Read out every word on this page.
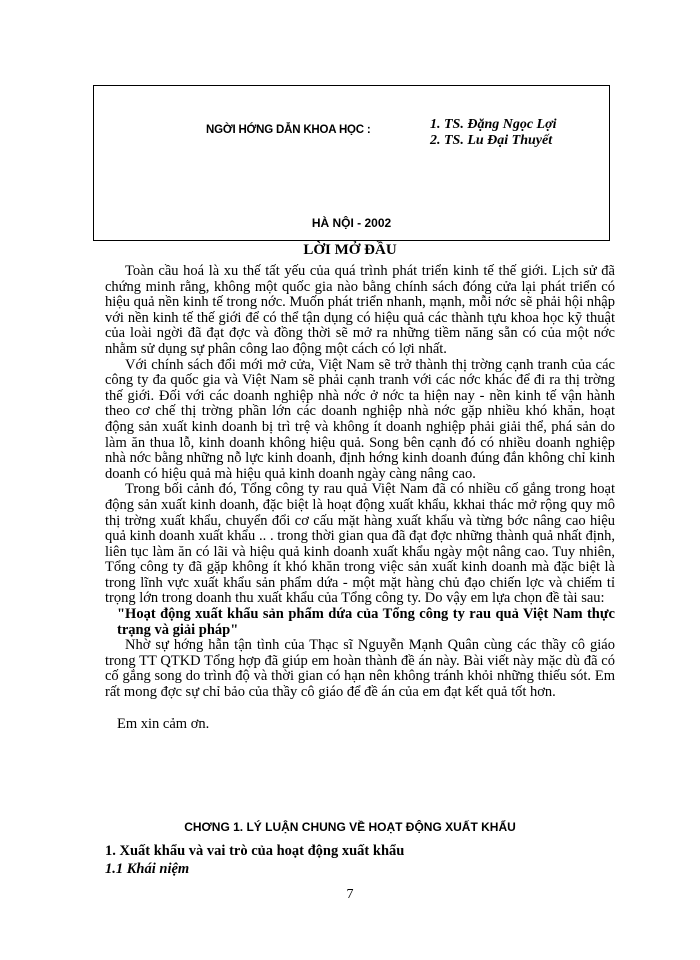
NGỜI HỚNG DẪN KHOA HỌC :	1. TS. Đặng Ngọc Lợi
2. TS. Lu Đại Thuyết
HÀ NỘI - 2002
LỜI MỞ ĐẦU

Toàn cầu hoá là xu thế tất yếu của quá trình phát triển kinh tế thế giới. Lịch sử đã chứng minh rằng, không một quốc gia nào bằng chính sách đóng cửa lại phát triển có hiệu quả nền kinh tế trong nớc. Muốn phát triển nhanh, mạnh, mỗi nớc sẽ phải hội nhập với nền kinh tế thế giới để có thể tận dụng có hiệu quả các thành tựu khoa học kỹ thuật của loài ngời đã đạt đợc và đồng thời sẽ mở ra những tiềm năng sẵn có của một nớc nhằm sử dụng sự phân công lao động một cách có lợi nhất.

Với chính sách đổi mới mở cửa, Việt Nam sẽ trở thành thị trờng cạnh tranh của các công ty đa quốc gia và Việt Nam sẽ phải cạnh tranh với các nớc khác để đi ra thị trờng thế giới. Đối với các doanh nghiệp nhà nớc ở nớc ta hiện nay - nền kinh tế vận hành theo cơ chế thị trờng phần lớn các doanh nghiệp nhà nớc gặp nhiều khó khăn, hoạt động sản xuất kinh doanh bị trì trệ và không ít doanh nghiệp phải giải thể, phá sản do làm ăn thua lỗ, kinh doanh không hiệu quả. Song bên cạnh đó có nhiều doanh nghiệp nhà nớc bằng những nỗ lực kinh doanh, định hớng kinh doanh đúng đắn không chỉ kinh doanh có hiệu quả mà hiệu quả kinh doanh ngày càng nâng cao.

Trong bối cảnh đó, Tổng công ty rau quả Việt Nam đã có nhiều cố gắng trong hoạt động sản xuất kinh doanh, đặc biệt là hoạt động xuất khẩu, kkhai thác mở rộng quy mô thị trờng xuất khẩu, chuyển đổi cơ cấu mặt hàng xuất khẩu và từng bớc nâng cao hiệu quả kinh doanh xuất khẩu .. . trong thời gian qua đã đạt đợc những thành quả nhất định, liên tục làm ăn có lãi và hiệu quả kinh doanh xuất khẩu ngày một nâng cao. Tuy nhiên, Tổng công ty đã gặp không ít khó khăn trong việc sản xuất kinh doanh mà đặc biệt là trong lĩnh vực xuất khẩu sản phẩm dứa - một mặt hàng chủ đạo chiến lợc và chiếm tỉ trọng lớn trong doanh thu xuất khẩu của Tổng công ty. Do vậy em lựa chọn đề tài sau:

"Hoạt động xuất khẩu sản phẩm dứa của Tổng công ty rau quả Việt Nam thực trạng và giải pháp"

Nhờ sự hớng hẫn tận tình của Thạc sĩ Nguyễn Mạnh Quân cùng các thầy cô giáo trong TT QTKD Tổng hợp đã giúp em hoàn thành đề án này. Bài viết này mặc dù đã có cố gắng song do trình độ và thời gian có hạn nên không tránh khỏi những thiếu sót. Em rất mong đợc sự chỉ bảo của thầy cô giáo để đề án của em đạt kết quả tốt hơn.

Em xin cảm ơn.

CHƠNG 1. LÝ LUẬN CHUNG VỀ HOẠT ĐỘNG XUẤT KHẨU
1. Xuất khẩu và vai trò của hoạt động xuất khẩu
1.1 Khái niệm
7
